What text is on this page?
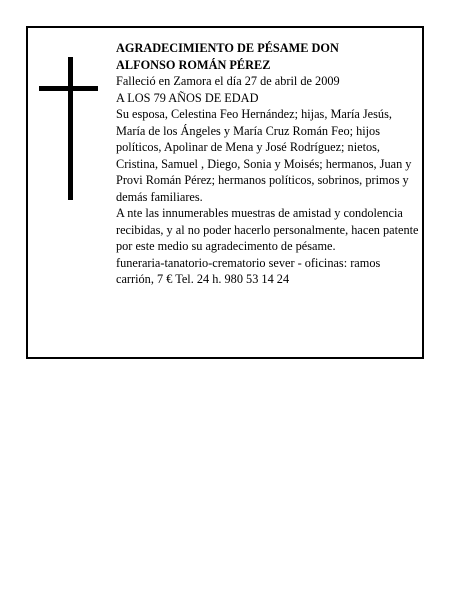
AGRADECIMIENTO DE PÉSAME DON

ALFONSO ROMÁN PÉREZ

Falleció en Zamora el día 27 de abril de 2009

A LOS 79 AÑOS DE EDAD

Su esposa, Celestina Feo Hernández; hijas, María Jesús, María de los Ángeles y María Cruz Román Feo; hijos políticos, Apolinar de Mena y José Rodríguez; nietos, Cristina, Samuel , Diego, Sonia y Moisés; hermanos, Juan y Provi Román Pérez; hermanos políticos, sobrinos, primos y demás familiares.

A nte las innumerables muestras de amistad y condolencia recibidas, y al no poder hacerlo personalmente, hacen patente por este medio su agradecimento de pésame.

funeraria-tanatorio-crematorio sever - oficinas: ramos carrión, 7 € Tel. 24 h. 980 53 14 24
